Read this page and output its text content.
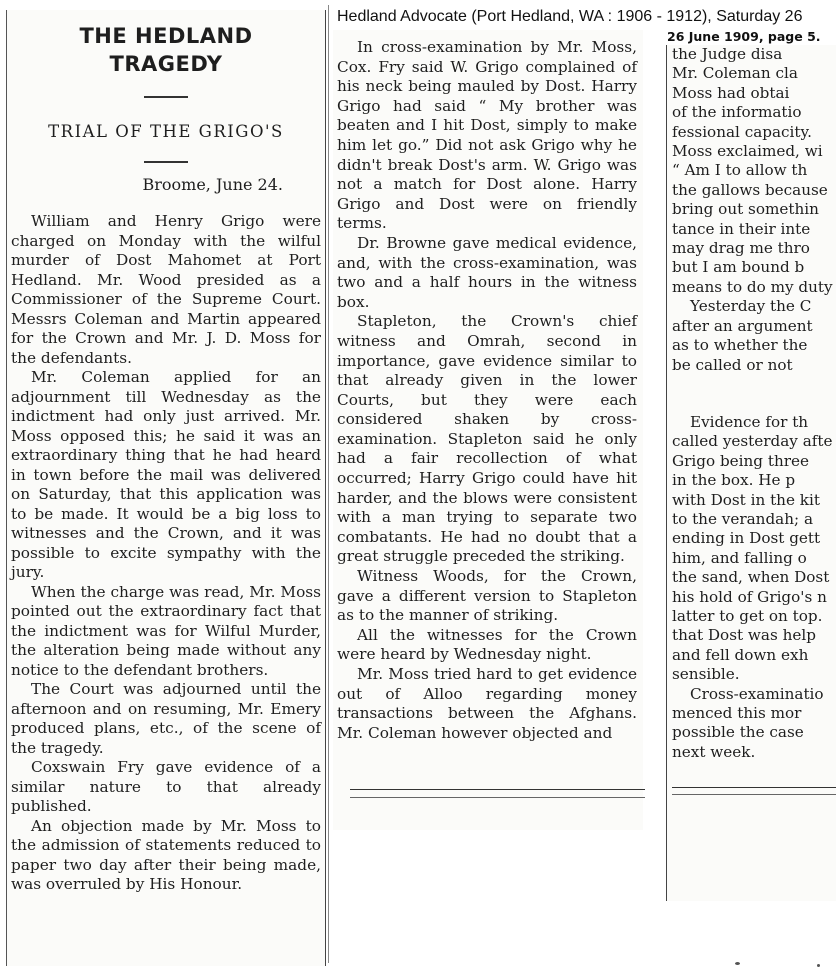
Hedland Advocate (Port Hedland, WA : 1906 - 1912), Saturday 26
26 June 1909, page 5.
THE HEDLAND
TRAGEDY
TRIAL OF THE GRIGO'S
Broome, June 24.

William and Henry Grigo were charged on Monday with the wilful murder of Dost Mahomet at Port Hedland. Mr. Wood presided as a Commissioner of the Supreme Court. Messrs Coleman and Martin appeared for the Crown and Mr. J. D. Moss for the defendants.

Mr. Coleman applied for an adjournment till Wednesday as the indictment had only just arrived. Mr. Moss opposed this; he said it was an extraordinary thing that he had heard in town before the mail was delivered on Saturday, that this application was to be made. It would be a big loss to witnesses and the Crown, and it was possible to excite sympathy with the jury.

When the charge was read, Mr. Moss pointed out the extraordinary fact that the indictment was for Wilful Murder, the alteration being made without any notice to the defendant brothers.

The Court was adjourned until the afternoon and on resuming, Mr. Emery produced plans, etc., of the scene of the tragedy.

Coxswain Fry gave evidence of a similar nature to that already published.

An objection made by Mr. Moss to the admission of statements reduced to paper two day after their being made, was overruled by His Honour.

In cross-examination by Mr. Moss, Cox. Fry said W. Grigo complained of his neck being mauled by Dost. Harry Grigo had said “ My brother was beaten and I hit Dost, simply to make him let go.” Did not ask Grigo why he didn't break Dost's arm. W. Grigo was not a match for Dost alone. Harry Grigo and Dost were on friendly terms.

Dr. Browne gave medical evidence, and, with the cross-examination, was two and a half hours in the witness box.

Stapleton, the Crown's chief witness and Omrah, second in importance, gave evidence similar to that already given in the lower Courts, but they were each considered shaken by cross-examination. Stapleton said he only had a fair recollection of what occurred; Harry Grigo could have hit harder, and the blows were consistent with a man trying to separate two combatants. He had no doubt that a great struggle preceded the striking.

Witness Woods, for the Crown, gave a different version to Stapleton as to the manner of striking.

All the witnesses for the Crown were heard by Wednesday night.

Mr. Moss tried hard to get evidence out of Alloo regarding money transactions between the Afghans. Mr. Coleman however objected and

the Judge disa
Mr. Coleman cla
Moss had obtai
of the informatio
fessional capacity.
Moss exclaimed, wi
“ Am I to allow th
the gallows because
bring out somethin
tance in their inte
may drag me thro
but I am bound b
means to do my duty
Yesterday the C
after an argument
as to whether the
be called or not
Evidence for th
called yesterday afte
Grigo being three
in the box. He p
with Dost in the kit
to the verandah; a
ending in Dost gett
him, and falling o
the sand, when Dost
his hold of Grigo's n
latter to get on top.
that Dost was help
and fell down exh
sensible.
Cross-examinatio
menced this mor
possible the case
next week.
